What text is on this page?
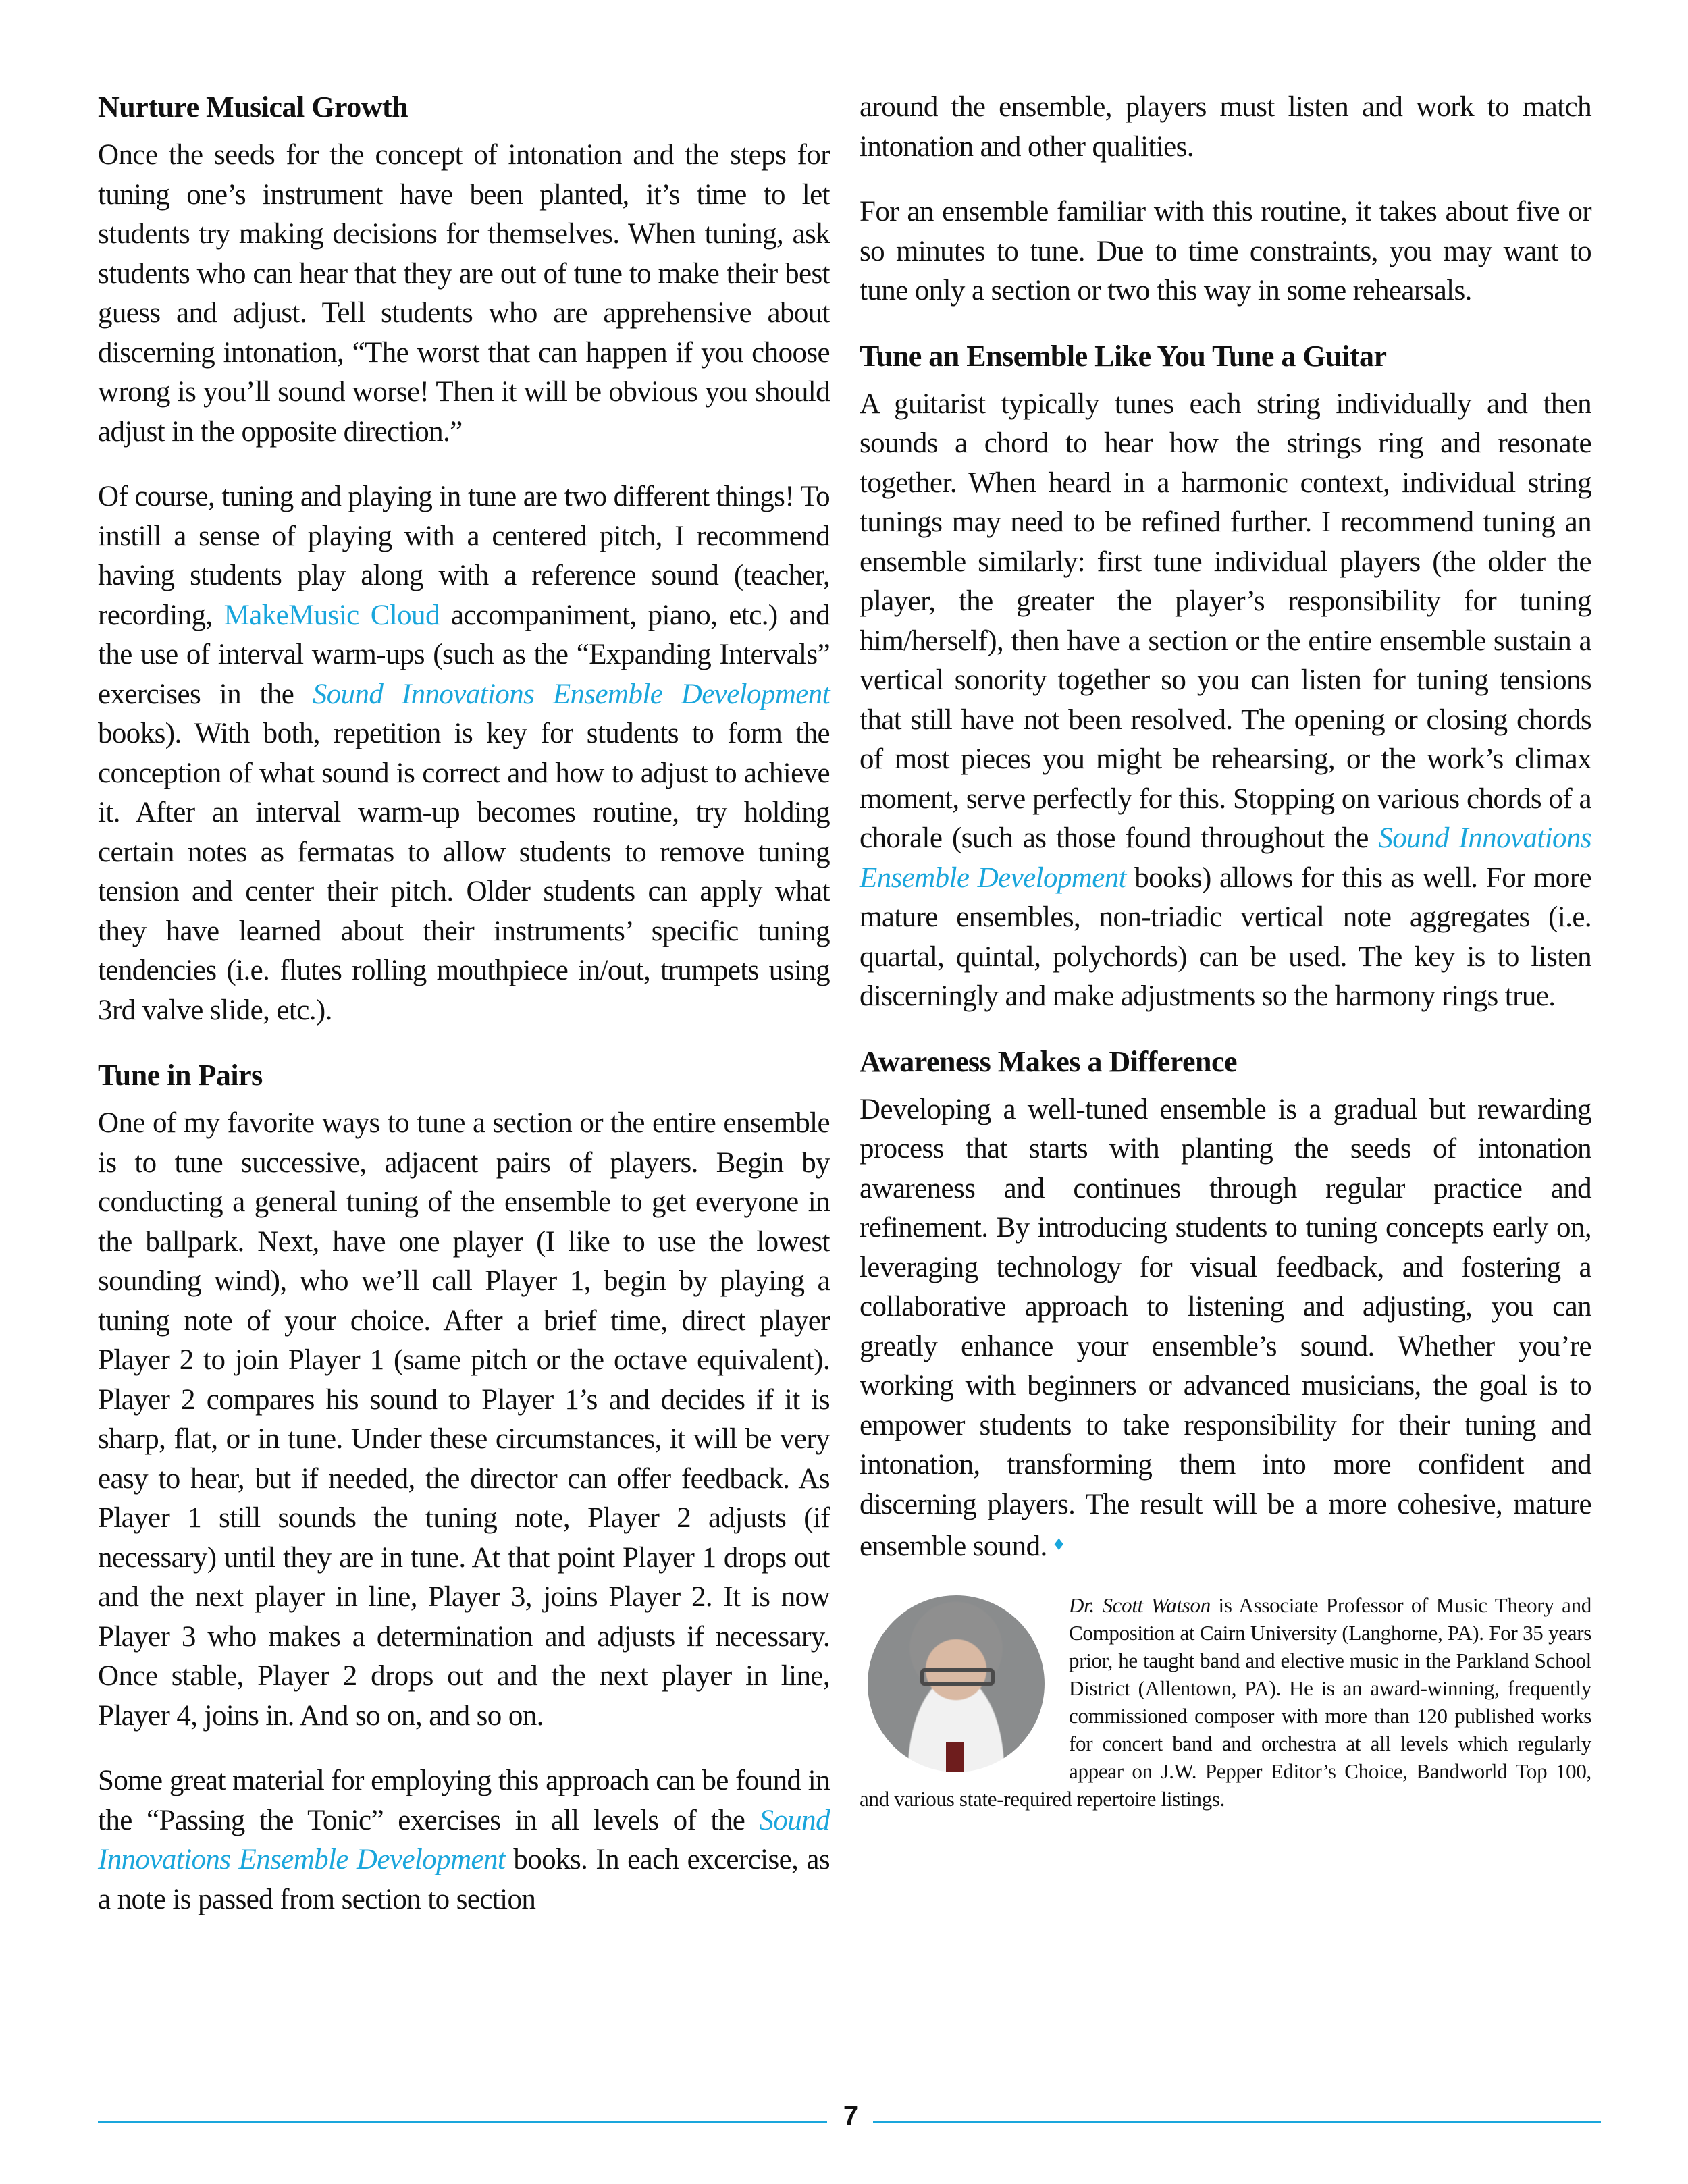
Nurture Musical Growth

Once the seeds for the concept of intonation and the steps for tuning one’s instrument have been planted, it’s time to let students try making decisions for themselves. When tuning, ask students who can hear that they are out of tune to make their best guess and adjust. Tell students who are apprehensive about discerning intonation, “The worst that can happen if you choose wrong is you’ll sound worse! Then it will be obvious you should adjust in the opposite direction.”

Of course, tuning and playing in tune are two different things! To instill a sense of playing with a centered pitch, I recommend having students play along with a reference sound (teacher, recording, MakeMusic Cloud accompaniment, piano, etc.) and the use of interval warm-ups (such as the “Expanding Intervals” exercises in the Sound Innovations Ensemble Development books). With both, repetition is key for students to form the conception of what sound is correct and how to adjust to achieve it. After an interval warm-up becomes routine, try holding certain notes as fermatas to allow students to remove tuning tension and center their pitch. Older students can apply what they have learned about their instruments’ specific tuning tendencies (i.e. flutes rolling mouthpiece in/out, trumpets using 3rd valve slide, etc.).

Tune in Pairs

One of my favorite ways to tune a section or the entire ensemble is to tune successive, adjacent pairs of players. Begin by conducting a general tuning of the ensemble to get everyone in the ballpark. Next, have one player (I like to use the lowest sounding wind), who we’ll call Player 1, begin by playing a tuning note of your choice. After a brief time, direct player Player 2 to join Player 1 (same pitch or the octave equivalent). Player 2 compares his sound to Player 1’s and decides if it is sharp, flat, or in tune. Under these circumstances, it will be very easy to hear, but if needed, the director can offer feedback. As Player 1 still sounds the tuning note, Player 2 adjusts (if necessary) until they are in tune. At that point Player 1 drops out and the next player in line, Player 3, joins Player 2. It is now Player 3 who makes a determination and adjusts if necessary. Once stable, Player 2 drops out and the next player in line, Player 4, joins in. And so on, and so on.

Some great material for employing this approach can be found in the “Passing the Tonic” exercises in all levels of the Sound Innovations Ensemble Development books. In each excercise, as a note is passed from section to section

around the ensemble, players must listen and work to match intonation and other qualities.

For an ensemble familiar with this routine, it takes about five or so minutes to tune. Due to time constraints, you may want to tune only a section or two this way in some rehearsals.

Tune an Ensemble Like You Tune a Guitar

A guitarist typically tunes each string individually and then sounds a chord to hear how the strings ring and resonate together. When heard in a harmonic context, individual string tunings may need to be refined further. I recommend tuning an ensemble similarly: first tune individual players (the older the player, the greater the player’s responsibility for tuning him/herself), then have a section or the entire ensemble sustain a vertical sonority together so you can listen for tuning tensions that still have not been resolved. The opening or closing chords of most pieces you might be rehearsing, or the work’s climax moment, serve perfectly for this. Stopping on various chords of a chorale (such as those found throughout the Sound Innovations Ensemble Development books) allows for this as well. For more mature ensembles, non-triadic vertical note aggregates (i.e. quartal, quintal, polychords) can be used. The key is to listen discerningly and make adjustments so the harmony rings true.

Awareness Makes a Difference

Developing a well-tuned ensemble is a gradual but rewarding process that starts with planting the seeds of intonation awareness and continues through regular practice and refinement. By introducing students to tuning concepts early on, leveraging technology for visual feedback, and fostering a collaborative approach to listening and adjusting, you can greatly enhance your ensemble’s sound. Whether you’re working with beginners or advanced musicians, the goal is to empower students to take responsibility for their tuning and intonation, transforming them into more confident and discerning players. The result will be a more cohesive, mature ensemble sound. ♦

Dr. Scott Watson is Associate Professor of Music Theory and Composition at Cairn University (Langhorne, PA). For 35 years prior, he taught band and elective music in the Parkland School District (Allentown, PA). He is an award-winning, frequently commissioned composer with more than 120 published works for concert band and orchestra at all levels which regularly appear on J.W. Pepper Editor’s Choice, Bandworld Top 100, and various state-required repertoire listings.

7
